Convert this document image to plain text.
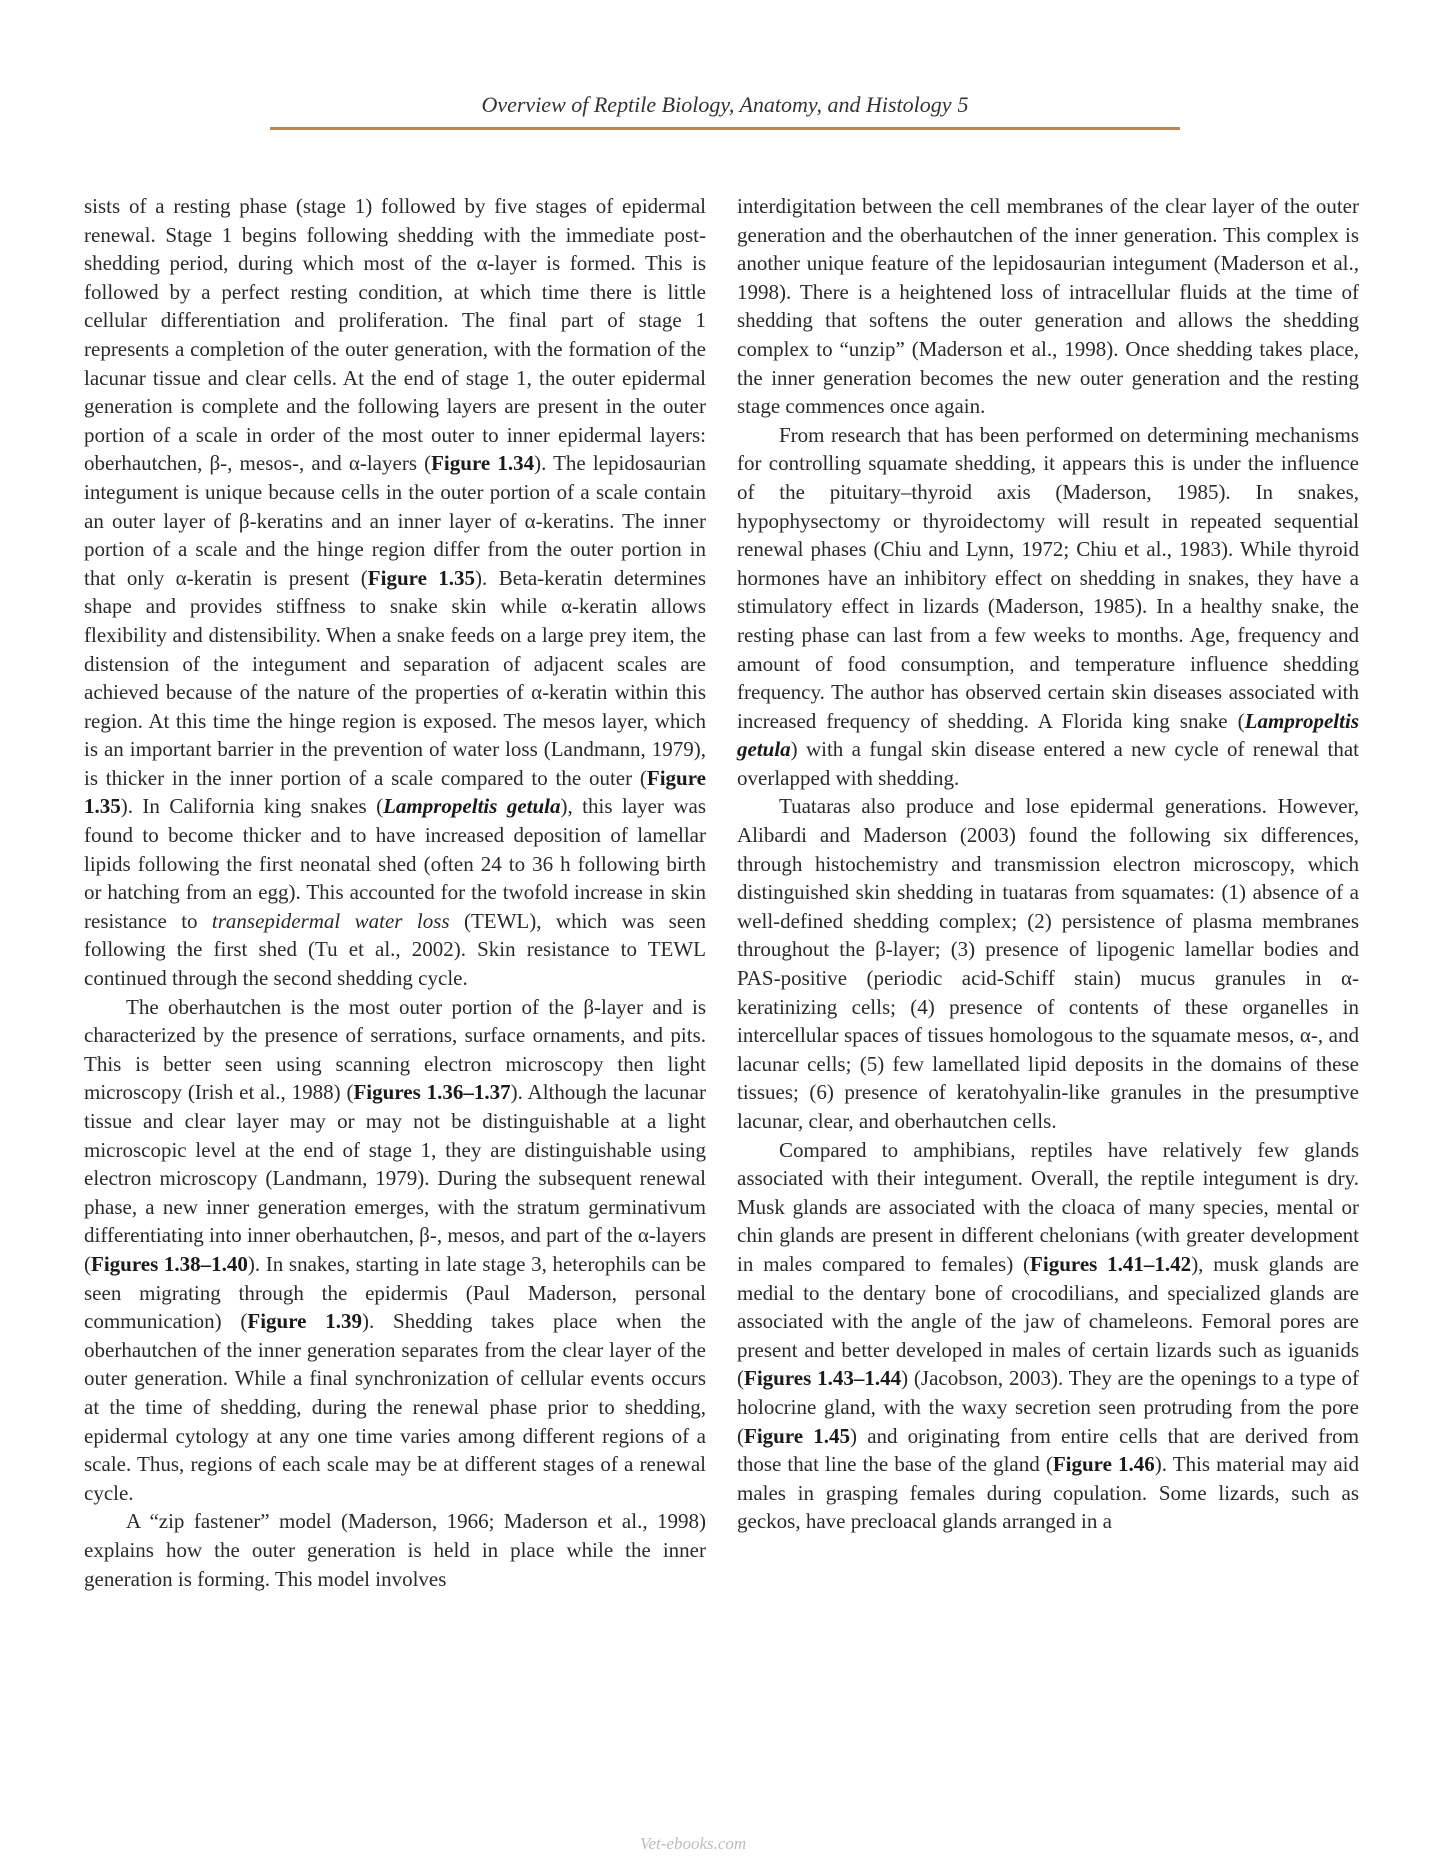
Overview of Reptile Biology, Anatomy, and Histology 5

sists of a resting phase (stage 1) followed by five stages of epidermal renewal. Stage 1 begins following shedding with the immediate post-shedding period, during which most of the α-layer is formed. This is followed by a perfect resting condition, at which time there is little cellular differentiation and proliferation. The final part of stage 1 represents a completion of the outer generation, with the formation of the lacunar tissue and clear cells. At the end of stage 1, the outer epidermal generation is complete and the following layers are present in the outer portion of a scale in order of the most outer to inner epidermal layers: oberhautchen, β-, mesos-, and α-layers (Figure 1.34). The lepidosaurian integument is unique because cells in the outer portion of a scale contain an outer layer of β-keratins and an inner layer of α-keratins. The inner portion of a scale and the hinge region differ from the outer portion in that only α-keratin is present (Figure 1.35). Beta-keratin determines shape and provides stiffness to snake skin while α-keratin allows flexibility and distensibility. When a snake feeds on a large prey item, the distension of the integument and separation of adjacent scales are achieved because of the nature of the properties of α-keratin within this region. At this time the hinge region is exposed. The mesos layer, which is an important barrier in the prevention of water loss (Landmann, 1979), is thicker in the inner portion of a scale compared to the outer (Figure 1.35). In California king snakes (Lampropeltis getula), this layer was found to become thicker and to have increased deposition of lamellar lipids following the first neonatal shed (often 24 to 36 h following birth or hatching from an egg). This accounted for the twofold increase in skin resistance to transepidermal water loss (TEWL), which was seen following the first shed (Tu et al., 2002). Skin resistance to TEWL continued through the second shedding cycle.

The oberhautchen is the most outer portion of the β-layer and is characterized by the presence of serrations, surface ornaments, and pits. This is better seen using scanning electron microscopy then light microscopy (Irish et al., 1988) (Figures 1.36–1.37). Although the lacunar tissue and clear layer may or may not be distinguishable at a light microscopic level at the end of stage 1, they are distinguishable using electron microscopy (Landmann, 1979). During the subsequent renewal phase, a new inner generation emerges, with the stratum germinativum differentiating into inner oberhautchen, β-, mesos, and part of the α-layers (Figures 1.38–1.40). In snakes, starting in late stage 3, heterophils can be seen migrating through the epidermis (Paul Maderson, personal communication) (Figure 1.39). Shedding takes place when the oberhautchen of the inner generation separates from the clear layer of the outer generation. While a final synchronization of cellular events occurs at the time of shedding, during the renewal phase prior to shedding, epidermal cytology at any one time varies among different regions of a scale. Thus, regions of each scale may be at different stages of a renewal cycle.

A “zip fastener” model (Maderson, 1966; Maderson et al., 1998) explains how the outer generation is held in place while the inner generation is forming. This model involves

interdigitation between the cell membranes of the clear layer of the outer generation and the oberhautchen of the inner generation. This complex is another unique feature of the lepidosaurian integument (Maderson et al., 1998). There is a heightened loss of intracellular fluids at the time of shedding that softens the outer generation and allows the shedding complex to “unzip” (Maderson et al., 1998). Once shedding takes place, the inner generation becomes the new outer generation and the resting stage commences once again.

From research that has been performed on determining mechanisms for controlling squamate shedding, it appears this is under the influence of the pituitary–thyroid axis (Maderson, 1985). In snakes, hypophysectomy or thyroidectomy will result in repeated sequential renewal phases (Chiu and Lynn, 1972; Chiu et al., 1983). While thyroid hormones have an inhibitory effect on shedding in snakes, they have a stimulatory effect in lizards (Maderson, 1985). In a healthy snake, the resting phase can last from a few weeks to months. Age, frequency and amount of food consumption, and temperature influence shedding frequency. The author has observed certain skin diseases associated with increased frequency of shedding. A Florida king snake (Lampropeltis getula) with a fungal skin disease entered a new cycle of renewal that overlapped with shedding.

Tuataras also produce and lose epidermal generations. However, Alibardi and Maderson (2003) found the following six differences, through histochemistry and transmission electron microscopy, which distinguished skin shedding in tuataras from squamates: (1) absence of a well-defined shedding complex; (2) persistence of plasma membranes throughout the β-layer; (3) presence of lipogenic lamellar bodies and PAS-positive (periodic acid-Schiff stain) mucus granules in α-keratinizing cells; (4) presence of contents of these organelles in intercellular spaces of tissues homologous to the squamate mesos, α-, and lacunar cells; (5) few lamellated lipid deposits in the domains of these tissues; (6) presence of keratohyalin-like granules in the presumptive lacunar, clear, and oberhautchen cells.

Compared to amphibians, reptiles have relatively few glands associated with their integument. Overall, the reptile integument is dry. Musk glands are associated with the cloaca of many species, mental or chin glands are present in different chelonians (with greater development in males compared to females) (Figures 1.41–1.42), musk glands are medial to the dentary bone of crocodilians, and specialized glands are associated with the angle of the jaw of chameleons. Femoral pores are present and better developed in males of certain lizards such as iguanids (Figures 1.43–1.44) (Jacobson, 2003). They are the openings to a type of holocrine gland, with the waxy secretion seen protruding from the pore (Figure 1.45) and originating from entire cells that are derived from those that line the base of the gland (Figure 1.46). This material may aid males in grasping females during copulation. Some lizards, such as geckos, have precloacal glands arranged in a

Vet-ebooks.com
